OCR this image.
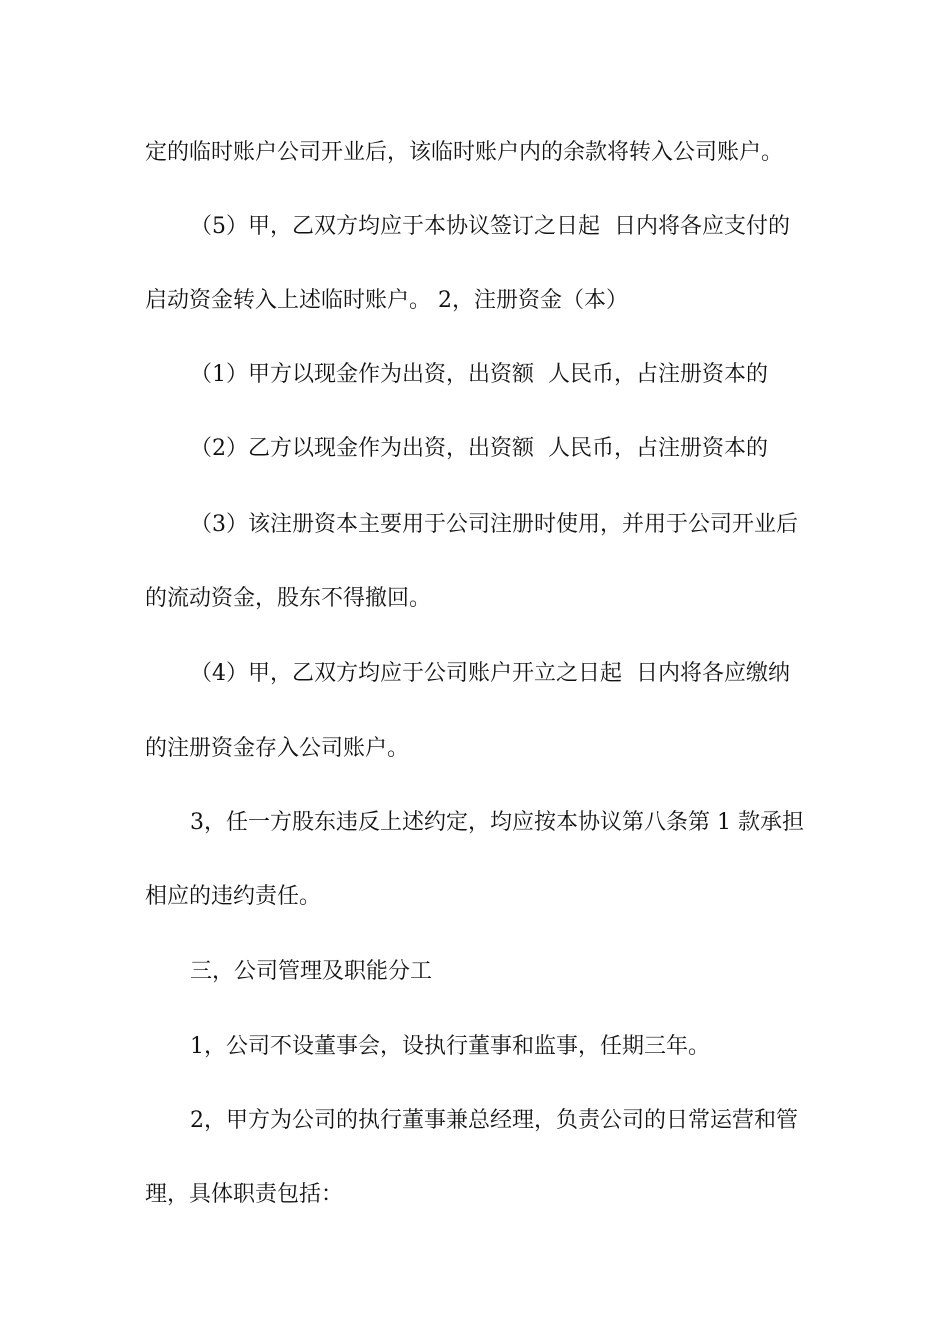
定的临时账户公司开业后，该临时账户内的余款将转入公司账户。
（5）甲，乙双方均应于本协议签订之日起  日内将各应支付的
启动资金转入上述临时账户。 2，注册资金（本）
（1）甲方以现金作为出资，出资额  人民币，占注册资本的
（2）乙方以现金作为出资，出资额  人民币，占注册资本的
（3）该注册资本主要用于公司注册时使用，并用于公司开业后
的流动资金，股东不得撤回。
（4）甲，乙双方均应于公司账户开立之日起  日内将各应缴纳
的注册资金存入公司账户。
3，任一方股东违反上述约定，均应按本协议第八条第 1 款承担
相应的违约责任。
三，公司管理及职能分工
1，公司不设董事会，设执行董事和监事，任期三年。
2，甲方为公司的执行董事兼总经理，负责公司的日常运营和管
理，具体职责包括：
